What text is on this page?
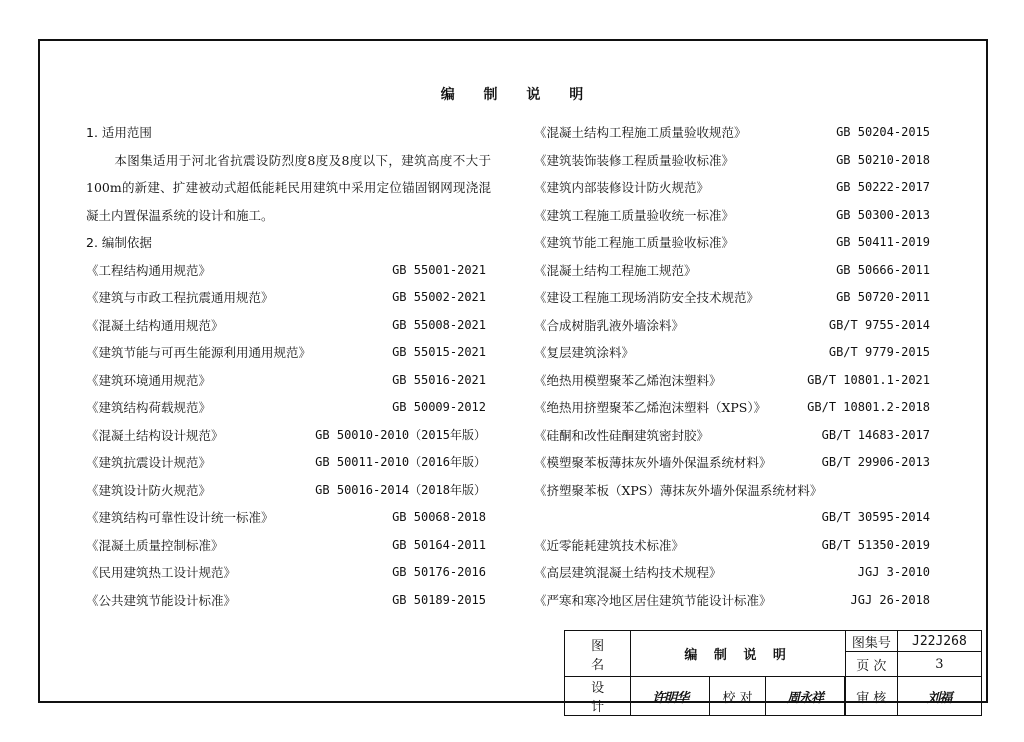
编 制 说 明
1. 适用范围
本图集适用于河北省抗震设防烈度8度及8度以下，建筑高度不大于100m的新建、扩建被动式超低能耗民用建筑中采用定位锚固钢网现浇混凝土内置保温系统的设计和施工。
2. 编制依据
《工程结构通用规范》	GB 55001-2021
《建筑与市政工程抗震通用规范》	GB 55002-2021
《混凝土结构通用规范》	GB 55008-2021
《建筑节能与可再生能源利用通用规范》	GB 55015-2021
《建筑环境通用规范》	GB 55016-2021
《建筑结构荷载规范》	GB 50009-2012
《混凝土结构设计规范》	GB 50010-2010（2015年版）
《建筑抗震设计规范》	GB 50011-2010（2016年版）
《建筑设计防火规范》	GB 50016-2014（2018年版）
《建筑结构可靠性设计统一标准》	GB 50068-2018
《混凝土质量控制标准》	GB 50164-2011
《民用建筑热工设计规范》	GB 50176-2016
《公共建筑节能设计标准》	GB 50189-2015
《混凝土结构工程施工质量验收规范》	GB 50204-2015
《建筑装饰装修工程质量验收标准》	GB 50210-2018
《建筑内部装修设计防火规范》	GB 50222-2017
《建筑工程施工质量验收统一标准》	GB 50300-2013
《建筑节能工程施工质量验收标准》	GB 50411-2019
《混凝土结构工程施工规范》	GB 50666-2011
《建设工程施工现场消防安全技术规范》	GB 50720-2011
《合成树脂乳液外墙涂料》	GB/T 9755-2014
《复层建筑涂料》	GB/T 9779-2015
《绝热用模塑聚苯乙烯泡沫塑料》	GB/T 10801.1-2021
《绝热用挤塑聚苯乙烯泡沫塑料（XPS）》	GB/T 10801.2-2018
《硅酮和改性硅酮建筑密封胶》	GB/T 14683-2017
《模塑聚苯板薄抹灰外墙外保温系统材料》	GB/T 29906-2013
《挤塑聚苯板（XPS）薄抹灰外墙外保温系统材料》
GB/T 30595-2014
《近零能耗建筑技术标准》	GB/T 51350-2019
《高层建筑混凝土结构技术规程》	JGJ 3-2010
《严寒和寒冷地区居住建筑节能设计标准》	JGJ 26-2018
图 名	编 制 说 明			图集号	J22J268
				页 次	3
设 计	许明华	校 对	周永祥		审 核	刘福
